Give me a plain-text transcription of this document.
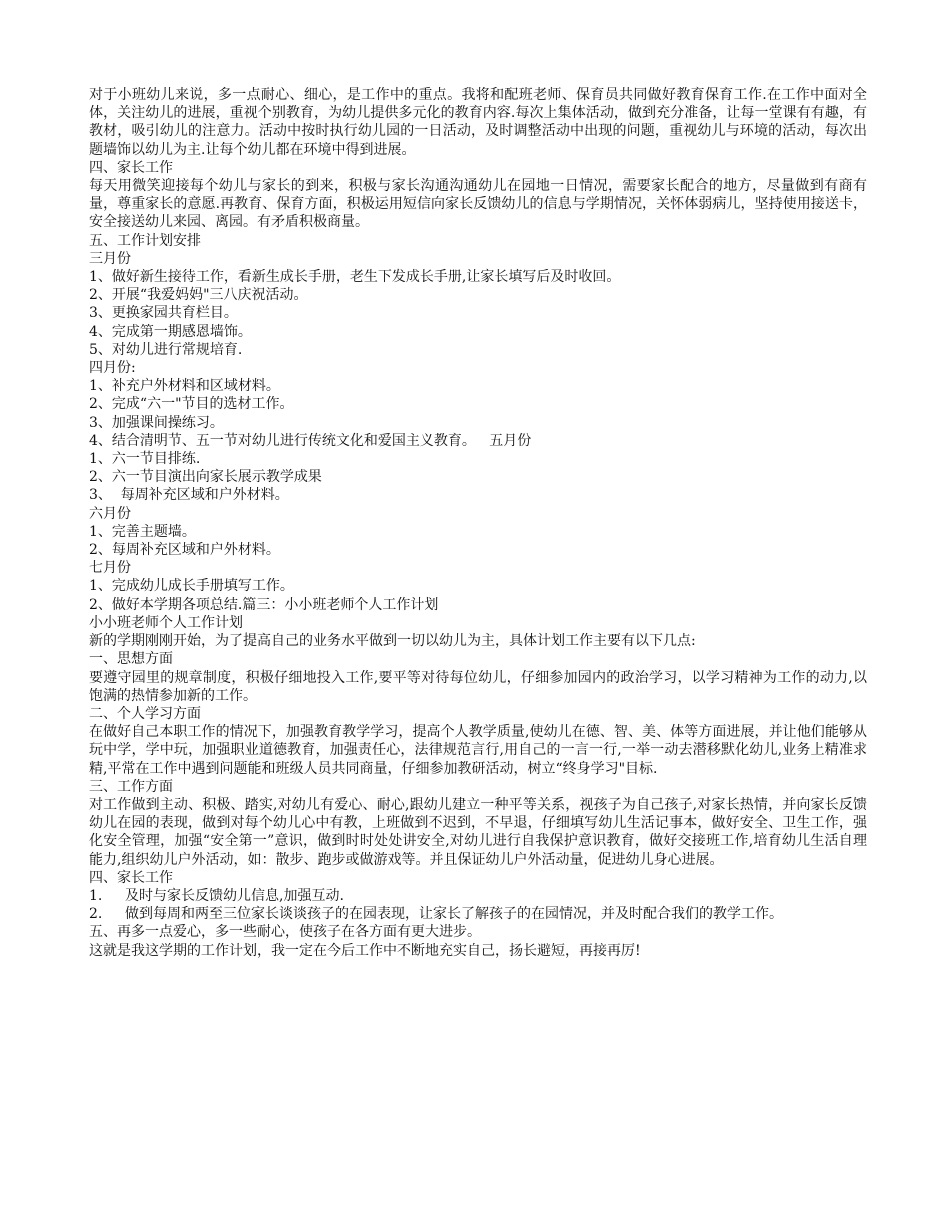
对于小班幼儿来说，多一点耐心、细心，是工作中的重点。我将和配班老师、保育员共同做好教育保育工作.在工作中面对全体，关注幼儿的进展，重视个别教育，为幼儿提供多元化的教育内容.每次上集体活动，做到充分准备，让每一堂课有有趣，有教材，吸引幼儿的注意力。活动中按时执行幼儿园的一日活动，及时调整活动中出现的问题，重视幼儿与环境的活动，每次出题墙饰以幼儿为主.让每个幼儿都在环境中得到进展。

四、家长工作

每天用微笑迎接每个幼儿与家长的到来，积极与家长沟通沟通幼儿在园地一日情况，需要家长配合的地方，尽量做到有商有量，尊重家长的意愿.再教育、保育方面，积极运用短信向家长反馈幼儿的信息与学期情况，关怀体弱病儿，坚持使用接送卡，安全接送幼儿来园、离园。有矛盾积极商量。

五、工作计划安排

三月份

1、做好新生接待工作，看新生成长手册，老生下发成长手册,让家长填写后及时收回。

2、开展“我爱妈妈"三八庆祝活动。

3、更换家园共育栏目。

4、完成第一期感恩墙饰。

5、对幼儿进行常规培育.

四月份:

1、补充户外材料和区域材料。

2、完成“六一"节目的选材工作。

3、加强课间操练习。

4、结合清明节、五一节对幼儿进行传统文化和爱国主义教育。   五月份

1、六一节目排练.

2、六一节目演出向家长展示教学成果

3、  每周补充区域和户外材料。

六月份

1、完善主题墙。

2、每周补充区域和户外材料。

七月份

1、完成幼儿成长手册填写工作。

2、做好本学期各项总结.篇三：小小班老师个人工作计划

小小班老师个人工作计划

新的学期刚刚开始，为了提高自己的业务水平做到一切以幼儿为主，具体计划工作主要有以下几点:

一、思想方面

要遵守园里的规章制度，积极仔细地投入工作,要平等对待每位幼儿，仔细参加园内的政治学习，以学习精神为工作的动力,以饱满的热情参加新的工作。

二、个人学习方面

在做好自己本职工作的情况下，加强教育教学学习，提高个人教学质量,使幼儿在德、智、美、体等方面进展，并让他们能够从玩中学，学中玩，加强职业道德教育，加强责任心，法律规范言行,用自己的一言一行,一举一动去潜移默化幼儿,业务上精准求精,平常在工作中遇到问题能和班级人员共同商量，仔细参加教研活动，树立“终身学习"目标.

三、工作方面

对工作做到主动、积极、踏实,对幼儿有爱心、耐心,跟幼儿建立一种平等关系，视孩子为自己孩子,对家长热情，并向家长反馈幼儿在园的表现，做到对每个幼儿心中有教，上班做到不迟到，不早退，仔细填写幼儿生活记事本，做好安全、卫生工作，强化安全管理，加强“安全第一”意识，做到时时处处讲安全,对幼儿进行自我保护意识教育，做好交接班工作,培育幼儿生活自理能力,组织幼儿户外活动，如：散步、跑步或做游戏等。并且保证幼儿户外活动量，促进幼儿身心进展。

四、家长工作

1.	及时与家长反馈幼儿信息,加强互动.
2.	做到每周和两至三位家长谈谈孩子的在园表现，让家长了解孩子的在园情况，并及时配合我们的教学工作。

五、再多一点爱心，多一些耐心，使孩子在各方面有更大进步。

这就是我这学期的工作计划，我一定在今后工作中不断地充实自己，扬长避短，再接再厉!
